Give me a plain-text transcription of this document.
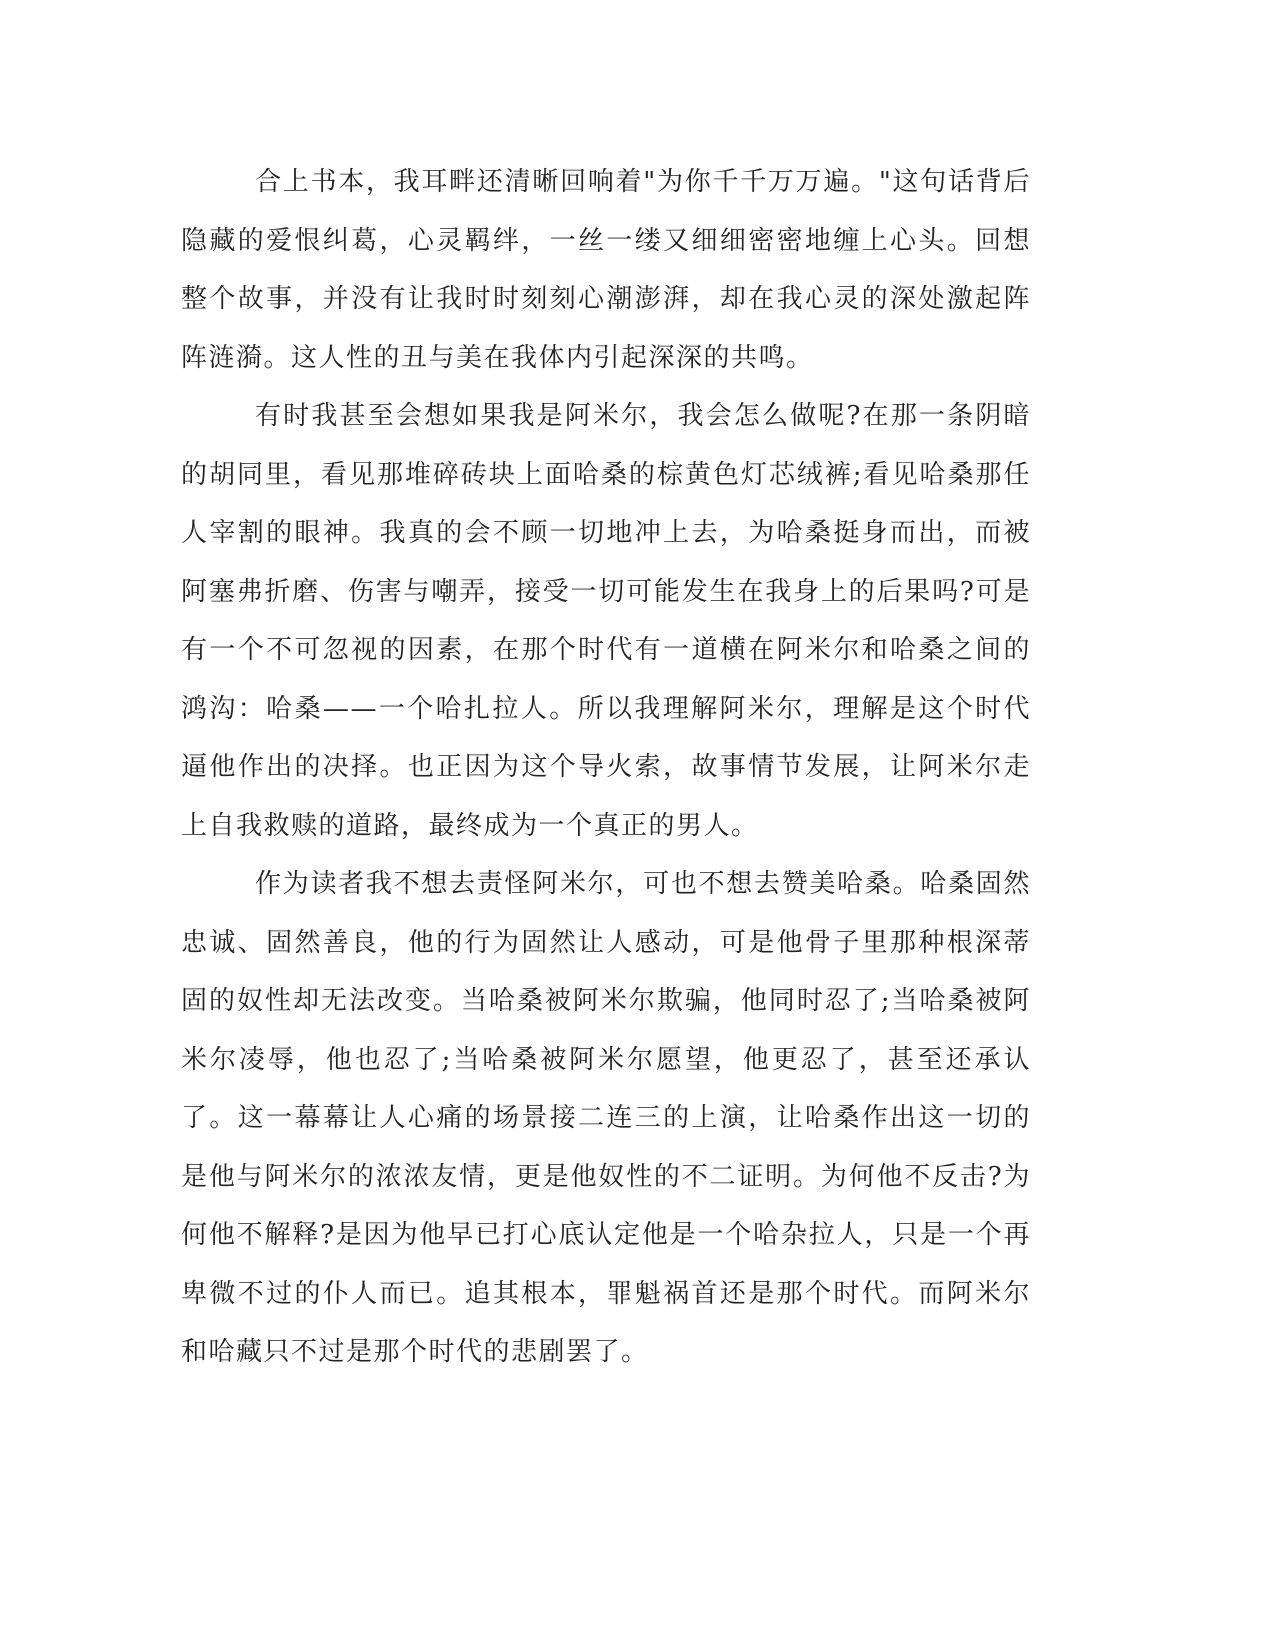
合上书本，我耳畔还清晰回响着"为你千千万万遍。"这句话背后隐藏的爱恨纠葛，心灵羁绊，一丝一缕又细细密密地缠上心头。回想整个故事，并没有让我时时刻刻心潮澎湃，却在我心灵的深处激起阵阵涟漪。这人性的丑与美在我体内引起深深的共鸣。

有时我甚至会想如果我是阿米尔，我会怎么做呢?在那一条阴暗的胡同里，看见那堆碎砖块上面哈桑的棕黄色灯芯绒裤;看见哈桑那任人宰割的眼神。我真的会不顾一切地冲上去，为哈桑挺身而出，而被阿塞弗折磨、伤害与嘲弄，接受一切可能发生在我身上的后果吗?可是有一个不可忽视的因素，在那个时代有一道横在阿米尔和哈桑之间的鸿沟：哈桑——一个哈扎拉人。所以我理解阿米尔，理解是这个时代逼他作出的决择。也正因为这个导火索，故事情节发展，让阿米尔走上自我救赎的道路，最终成为一个真正的男人。

作为读者我不想去责怪阿米尔，可也不想去赞美哈桑。哈桑固然忠诚、固然善良，他的行为固然让人感动，可是他骨子里那种根深蒂固的奴性却无法改变。当哈桑被阿米尔欺骗，他同时忍了;当哈桑被阿米尔凌辱，他也忍了;当哈桑被阿米尔愿望，他更忍了，甚至还承认了。这一幕幕让人心痛的场景接二连三的上演，让哈桑作出这一切的是他与阿米尔的浓浓友情，更是他奴性的不二证明。为何他不反击?为何他不解释?是因为他早已打心底认定他是一个哈杂拉人，只是一个再卑微不过的仆人而已。追其根本，罪魁祸首还是那个时代。而阿米尔和哈藏只不过是那个时代的悲剧罢了。
